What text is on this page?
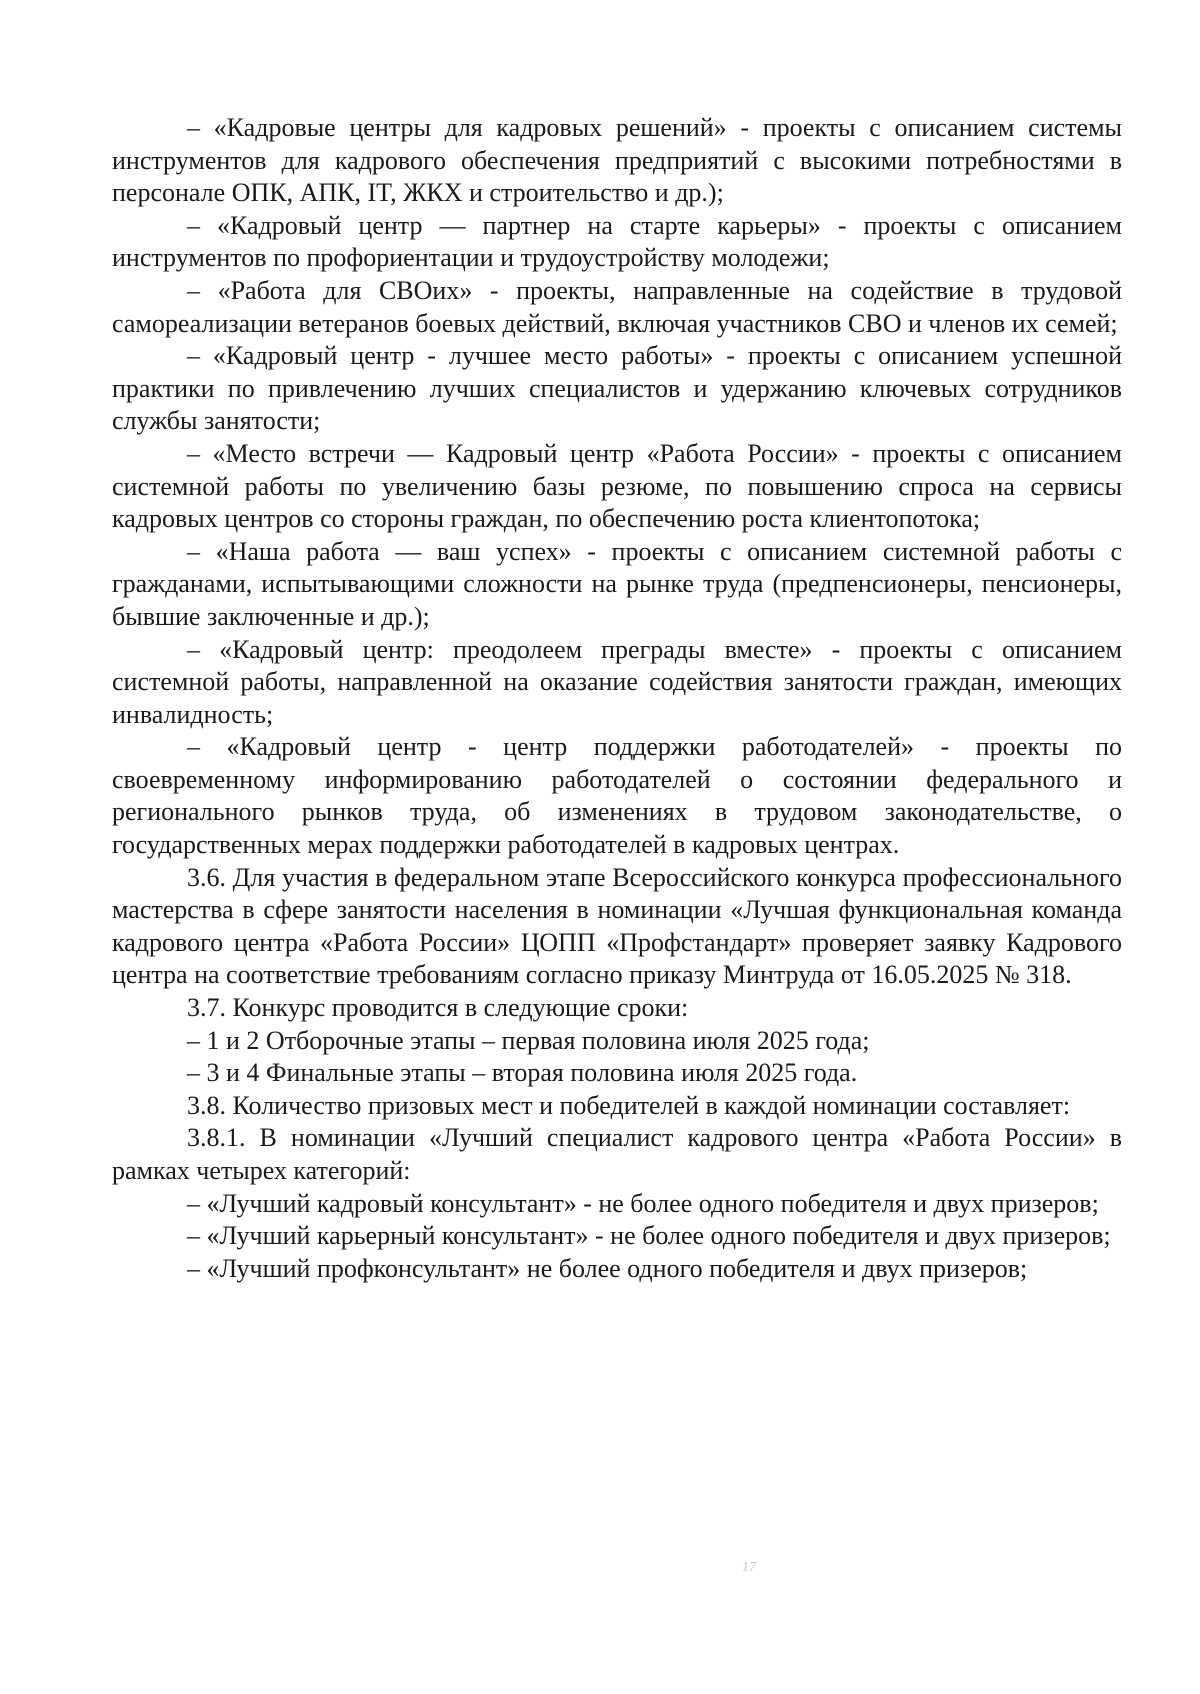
– «Кадровые центры для кадровых решений» - проекты с описанием системы инструментов для кадрового обеспечения предприятий с высокими потребностями в персонале ОПК, АПК, IT, ЖКХ и строительство и др.);

– «Кадровый центр — партнер на старте карьеры» - проекты с описанием инструментов по профориентации и трудоустройству молодежи;

– «Работа для СВОих» - проекты, направленные на содействие в трудовой самореализации ветеранов боевых действий, включая участников СВО и членов их семей;

– «Кадровый центр - лучшее место работы» - проекты с описанием успешной практики по привлечению лучших специалистов и удержанию ключевых сотрудников службы занятости;

– «Место встречи — Кадровый центр «Работа России» - проекты с описанием системной работы по увеличению базы резюме, по повышению спроса на сервисы кадровых центров со стороны граждан, по обеспечению роста клиентопотока;

– «Наша работа — ваш успех» - проекты с описанием системной работы с гражданами, испытывающими сложности на рынке труда (предпенсионеры, пенсионеры, бывшие заключенные и др.);

– «Кадровый центр: преодолеем преграды вместе» - проекты с описанием системной работы, направленной на оказание содействия занятости граждан, имеющих инвалидность;

– «Кадровый центр - центр поддержки работодателей» - проекты по своевременному информированию работодателей о состоянии федерального и регионального рынков труда, об изменениях в трудовом законодательстве, о государственных мерах поддержки работодателей в кадровых центрах.

3.6. Для участия в федеральном этапе Всероссийского конкурса профессионального мастерства в сфере занятости населения в номинации «Лучшая функциональная команда кадрового центра «Работа России» ЦОПП «Профстандарт» проверяет заявку Кадрового центра на соответствие требованиям согласно приказу Минтруда от 16.05.2025 № 318.

3.7. Конкурс проводится в следующие сроки:

– 1 и 2 Отборочные этапы – первая половина июля 2025 года;

– 3 и 4 Финальные этапы – вторая половина июля 2025 года.

3.8. Количество призовых мест и победителей в каждой номинации составляет:

3.8.1. В номинации «Лучший специалист кадрового центра «Работа России» в рамках четырех категорий:

– «Лучший кадровый консультант» - не более одного победителя и двух призеров;

– «Лучший карьерный консультант» - не более одного победителя и двух призеров;

– «Лучший профконсультант» не более одного победителя и двух призеров;

17
